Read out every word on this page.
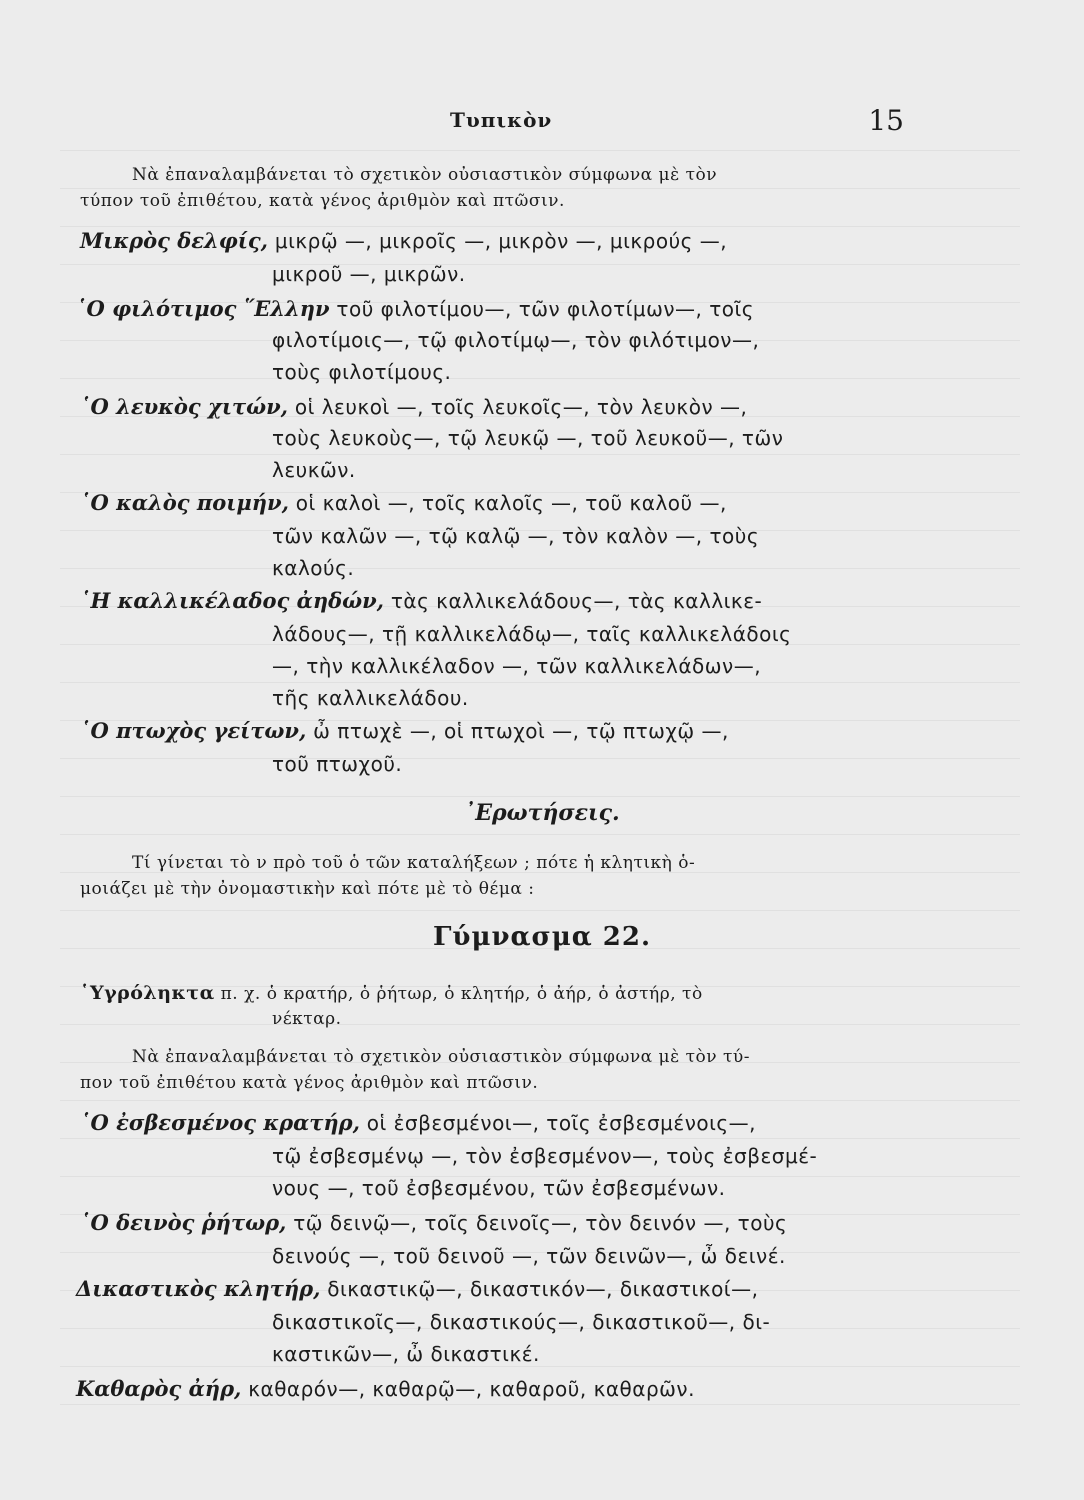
Τυπικὸν	15
Νὰ ἐπαναλαμβάνεται τὸ σχετικὸν οὐσιαστικὸν σύμφωνα μὲ τὸν
τύπον τοῦ ἐπιθέτου, κατὰ γένος ἀριθμὸν καὶ πτῶσιν.
Μικρὸς δελφίς, μικρῷ —, μικροῖς —, μικρὸν —, μικρούς —,
μικροῦ —, μικρῶν.
῾Ο φιλότιμος ῞Ελλην τοῦ φιλοτίμου—, τῶν φιλοτίμων—, τοῖς
φιλοτίμοις—, τῷ φιλοτίμῳ—, τὸν φιλότιμον—,
τοὺς φιλοτίμους.
῾Ο λευκὸς χιτών, οἱ λευκοὶ —, τοῖς λευκοῖς—, τὸν λευκὸν —,
τοὺς λευκοὺς—, τῷ λευκῷ —, τοῦ λευκοῦ—, τῶν
λευκῶν.
῾Ο καλὸς ποιμήν, οἱ καλοὶ —, τοῖς καλοῖς —, τοῦ καλοῦ —,
τῶν καλῶν —, τῷ καλῷ —, τὸν καλὸν —, τοὺς
καλούς.
῾Η καλλικέλαδος ἀηδών, τὰς καλλικελάδους—, τὰς καλλικε-
λάδους—, τῇ καλλικελάδῳ—, ταῖς καλλικελάδοις
—, τὴν καλλικέλαδον —, τῶν καλλικελάδων—,
τῆς καλλικελάδου.
῾Ο πτωχὸς γείτων, ὦ πτωχὲ —, οἱ πτωχοὶ —, τῷ πτωχῷ —,
τοῦ πτωχοῦ.
᾿Ερωτήσεις.
Τί γίνεται τὸ ν πρὸ τοῦ ὁ τῶν καταλήξεων ; πότε ἡ κλητικὴ ὁ-
μοιάζει μὲ τὴν ὀνομαστικὴν καὶ πότε μὲ τὸ θέμα :
Γύμνασμα 22.
῾Υγρόληκτα π. χ. ὁ κρατήρ, ὁ ῥήτωρ, ὁ κλητήρ, ὁ ἀήρ, ὁ ἀστήρ, τὸ
νέκταρ.
Νὰ ἐπαναλαμβάνεται τὸ σχετικὸν οὐσιαστικὸν σύμφωνα μὲ τὸν τύ-
πον τοῦ ἐπιθέτου κατὰ γένος ἀριθμὸν καὶ πτῶσιν.
῾Ο ἐσβεσμένος κρατήρ, οἱ ἐσβεσμένοι—, τοῖς ἐσβεσμένοις—,
τῷ ἐσβεσμένῳ —, τὸν ἐσβεσμένον—, τοὺς ἐσβεσμέ-
νους —, τοῦ ἐσβεσμένου, τῶν ἐσβεσμένων.
῾Ο δεινὸς ῥήτωρ, τῷ δεινῷ—, τοῖς δεινοῖς—, τὸν δεινόν —, τοὺς
δεινούς —, τοῦ δεινοῦ —, τῶν δεινῶν—, ὦ δεινέ.
Δικαστικὸς κλητήρ, δικαστικῷ—, δικαστικόν—, δικαστικοί—,
δικαστικοῖς—, δικαστικούς—, δικαστικοῦ—, δι-
καστικῶν—, ὦ δικαστικέ.
Καθαρὸς ἀήρ, καθαρόν—, καθαρῷ—, καθαροῦ, καθαρῶν.
